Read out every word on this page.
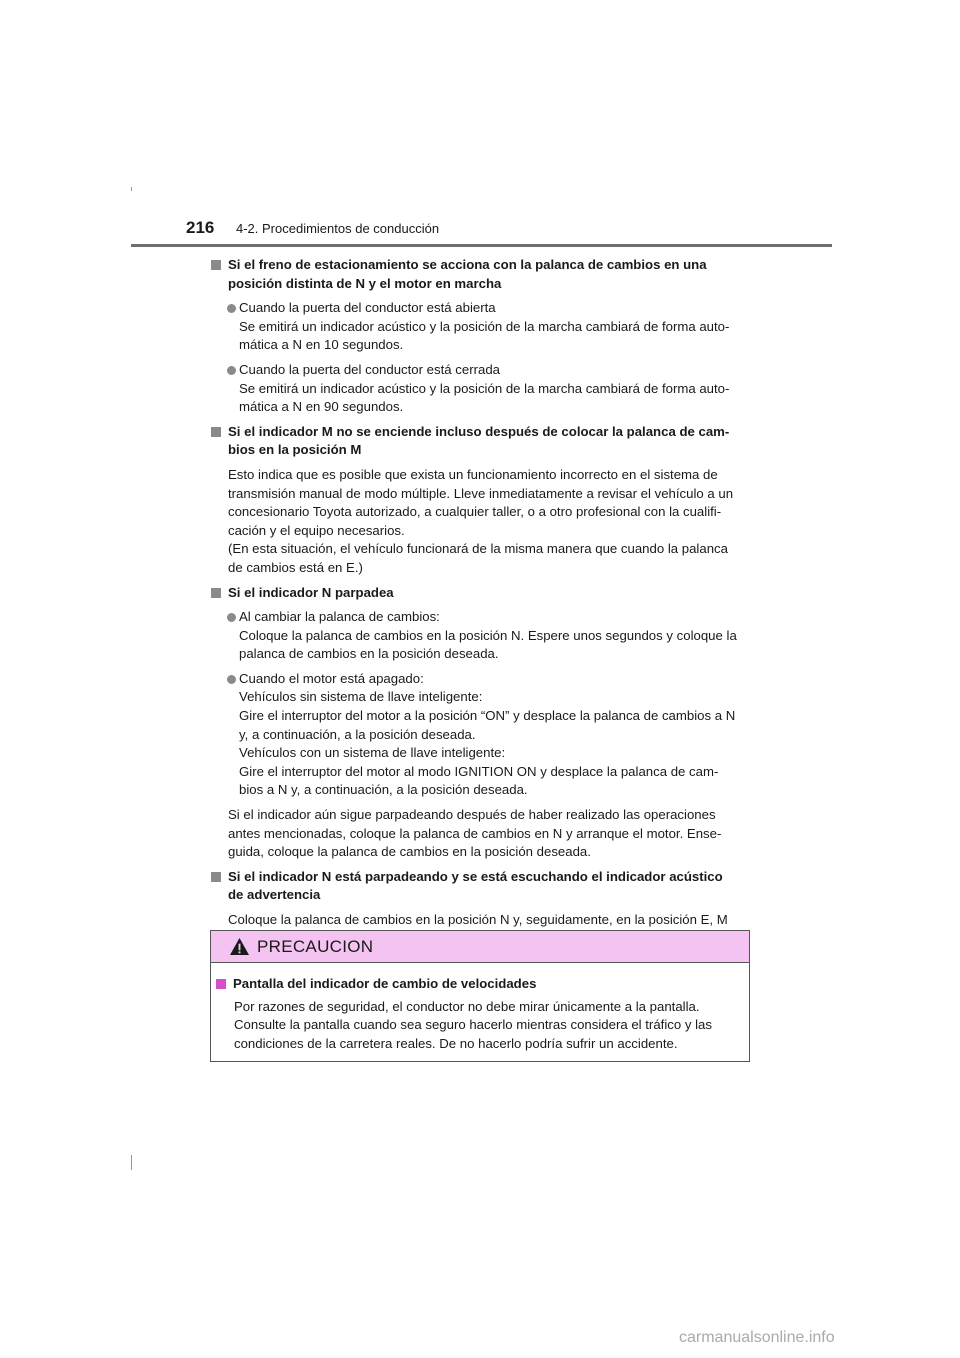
216 4-2. Procedimientos de conducción
Si el freno de estacionamiento se acciona con la palanca de cambios en una
posición distinta de N y el motor en marcha
Cuando la puerta del conductor está abierta
Se emitirá un indicador acústico y la posición de la marcha cambiará de forma auto-
mática a N en 10 segundos.
Cuando la puerta del conductor está cerrada
Se emitirá un indicador acústico y la posición de la marcha cambiará de forma auto-
mática a N en 90 segundos.
Si el indicador M no se enciende incluso después de colocar la palanca de cam-
bios en la posición M
Esto indica que es posible que exista un funcionamiento incorrecto en el sistema de
transmisión manual de modo múltiple. Lleve inmediatamente a revisar el vehículo a un
concesionario Toyota autorizado, a cualquier taller, o a otro profesional con la cualifi-
cación y el equipo necesarios.
(En esta situación, el vehículo funcionará de la misma manera que cuando la palanca
de cambios está en E.)
Si el indicador N parpadea
Al cambiar la palanca de cambios:
Coloque la palanca de cambios en la posición N. Espere unos segundos y coloque la
palanca de cambios en la posición deseada.
Cuando el motor está apagado:
Vehículos sin sistema de llave inteligente:
Gire el interruptor del motor a la posición “ON” y desplace la palanca de cambios a N
y, a continuación, a la posición deseada.
Vehículos con un sistema de llave inteligente:
Gire el interruptor del motor al modo IGNITION ON y desplace la palanca de cam-
bios a N y, a continuación, a la posición deseada.
Si el indicador aún sigue parpadeando después de haber realizado las operaciones
antes mencionadas, coloque la palanca de cambios en N y arranque el motor. Ense-
guida, coloque la palanca de cambios en la posición deseada.
Si el indicador N está parpadeando y se está escuchando el indicador acústico
de advertencia
Coloque la palanca de cambios en la posición N y, seguidamente, en la posición E, M
PRECAUCION
Pantalla del indicador de cambio de velocidades
Por razones de seguridad, el conductor no debe mirar únicamente a la pantalla.
Consulte la pantalla cuando sea seguro hacerlo mientras considera el tráfico y las
condiciones de la carretera reales. De no hacerlo podría sufrir un accidente.
carmanualsonline.info
